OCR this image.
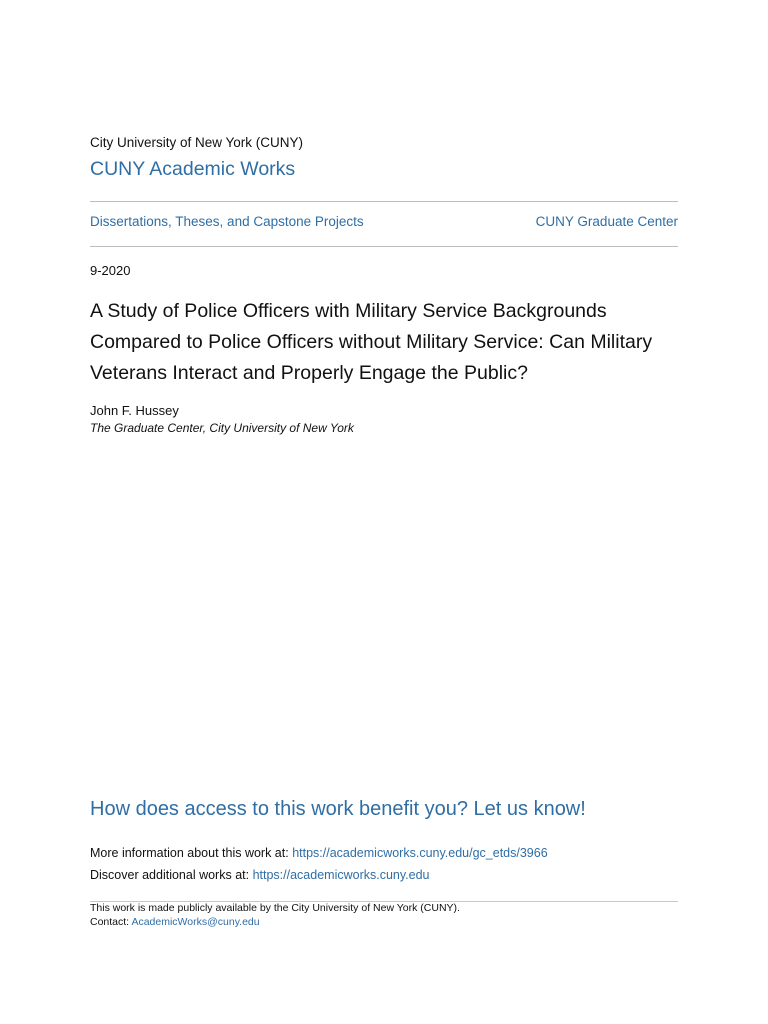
City University of New York (CUNY)
CUNY Academic Works
Dissertations, Theses, and Capstone Projects	CUNY Graduate Center
9-2020
A Study of Police Officers with Military Service Backgrounds Compared to Police Officers without Military Service: Can Military Veterans Interact and Properly Engage the Public?
John F. Hussey
The Graduate Center, City University of New York
How does access to this work benefit you? Let us know!
More information about this work at: https://academicworks.cuny.edu/gc_etds/3966
Discover additional works at: https://academicworks.cuny.edu
This work is made publicly available by the City University of New York (CUNY).
Contact: AcademicWorks@cuny.edu
